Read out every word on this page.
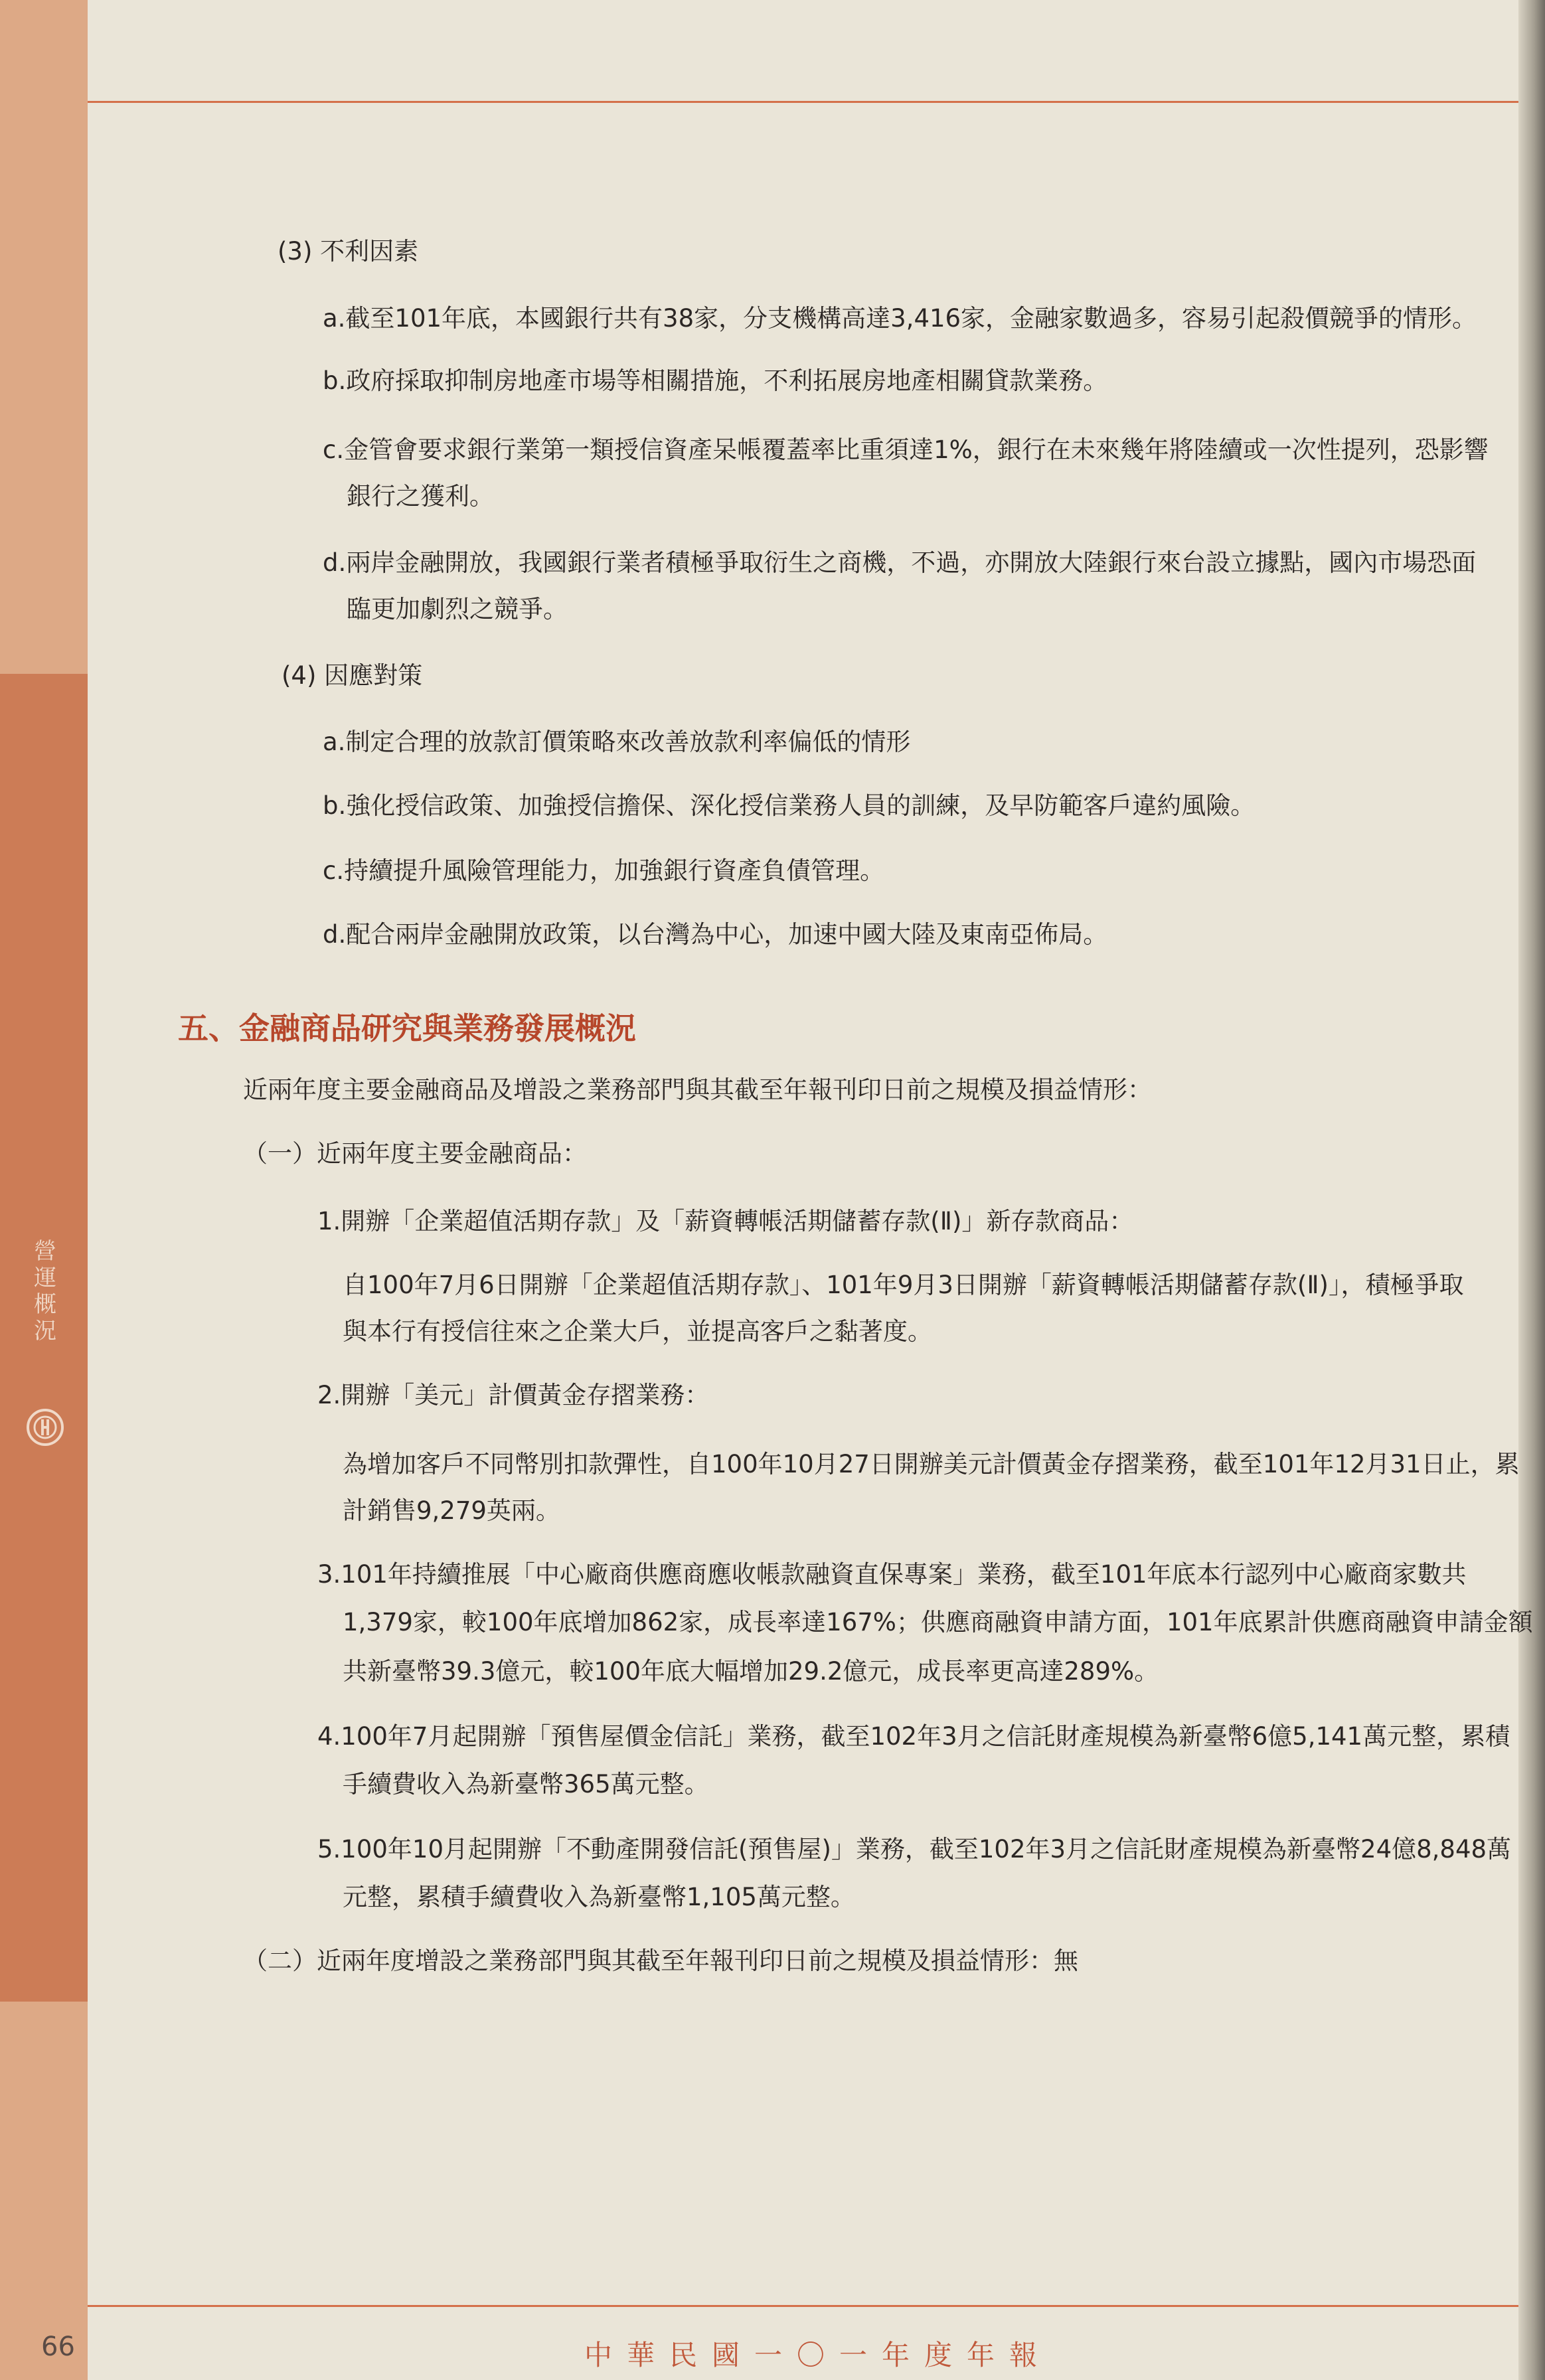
營
運
概
況
(3) 不利因素
a.截至101年底，本國銀行共有38家，分支機構高達3,416家，金融家數過多，容易引起殺價競爭的情形。
b.政府採取抑制房地產市場等相關措施，不利拓展房地產相關貸款業務。
c.金管會要求銀行業第一類授信資產呆帳覆蓋率比重須達1%，銀行在未來幾年將陸續或一次性提列，恐影響
銀行之獲利。
d.兩岸金融開放，我國銀行業者積極爭取衍生之商機，不過，亦開放大陸銀行來台設立據點，國內市場恐面
臨更加劇烈之競爭。
(4) 因應對策
a.制定合理的放款訂價策略來改善放款利率偏低的情形
b.強化授信政策、加強授信擔保、深化授信業務人員的訓練，及早防範客戶違約風險。
c.持續提升風險管理能力，加強銀行資產負債管理。
d.配合兩岸金融開放政策，以台灣為中心，加速中國大陸及東南亞佈局。
五、金融商品研究與業務發展概況
近兩年度主要金融商品及增設之業務部門與其截至年報刊印日前之規模及損益情形：
（一）近兩年度主要金融商品：
1.開辦「企業超值活期存款」及「薪資轉帳活期儲蓄存款(Ⅱ)」新存款商品：
自100年7月6日開辦「企業超值活期存款」、101年9月3日開辦「薪資轉帳活期儲蓄存款(Ⅱ)」，積極爭取
與本行有授信往來之企業大戶，並提高客戶之黏著度。
2.開辦「美元」計價黃金存摺業務：
為增加客戶不同幣別扣款彈性，自100年10月27日開辦美元計價黃金存摺業務，截至101年12月31日止，累
計銷售9,279英兩。
3.101年持續推展「中心廠商供應商應收帳款融資直保專案」業務，截至101年底本行認列中心廠商家數共
1,379家，較100年底增加862家，成長率達167%；供應商融資申請方面，101年底累計供應商融資申請金額
共新臺幣39.3億元，較100年底大幅增加29.2億元，成長率更高達289%。
4.100年7月起開辦「預售屋價金信託」業務，截至102年3月之信託財產規模為新臺幣6億5,141萬元整，累積
手續費收入為新臺幣365萬元整。
5.100年10月起開辦「不動產開發信託(預售屋)」業務，截至102年3月之信託財產規模為新臺幣24億8,848萬
元整，累積手續費收入為新臺幣1,105萬元整。
（二）近兩年度增設之業務部門與其截至年報刊印日前之規模及損益情形：無
66	中華民國一〇一年度年報
